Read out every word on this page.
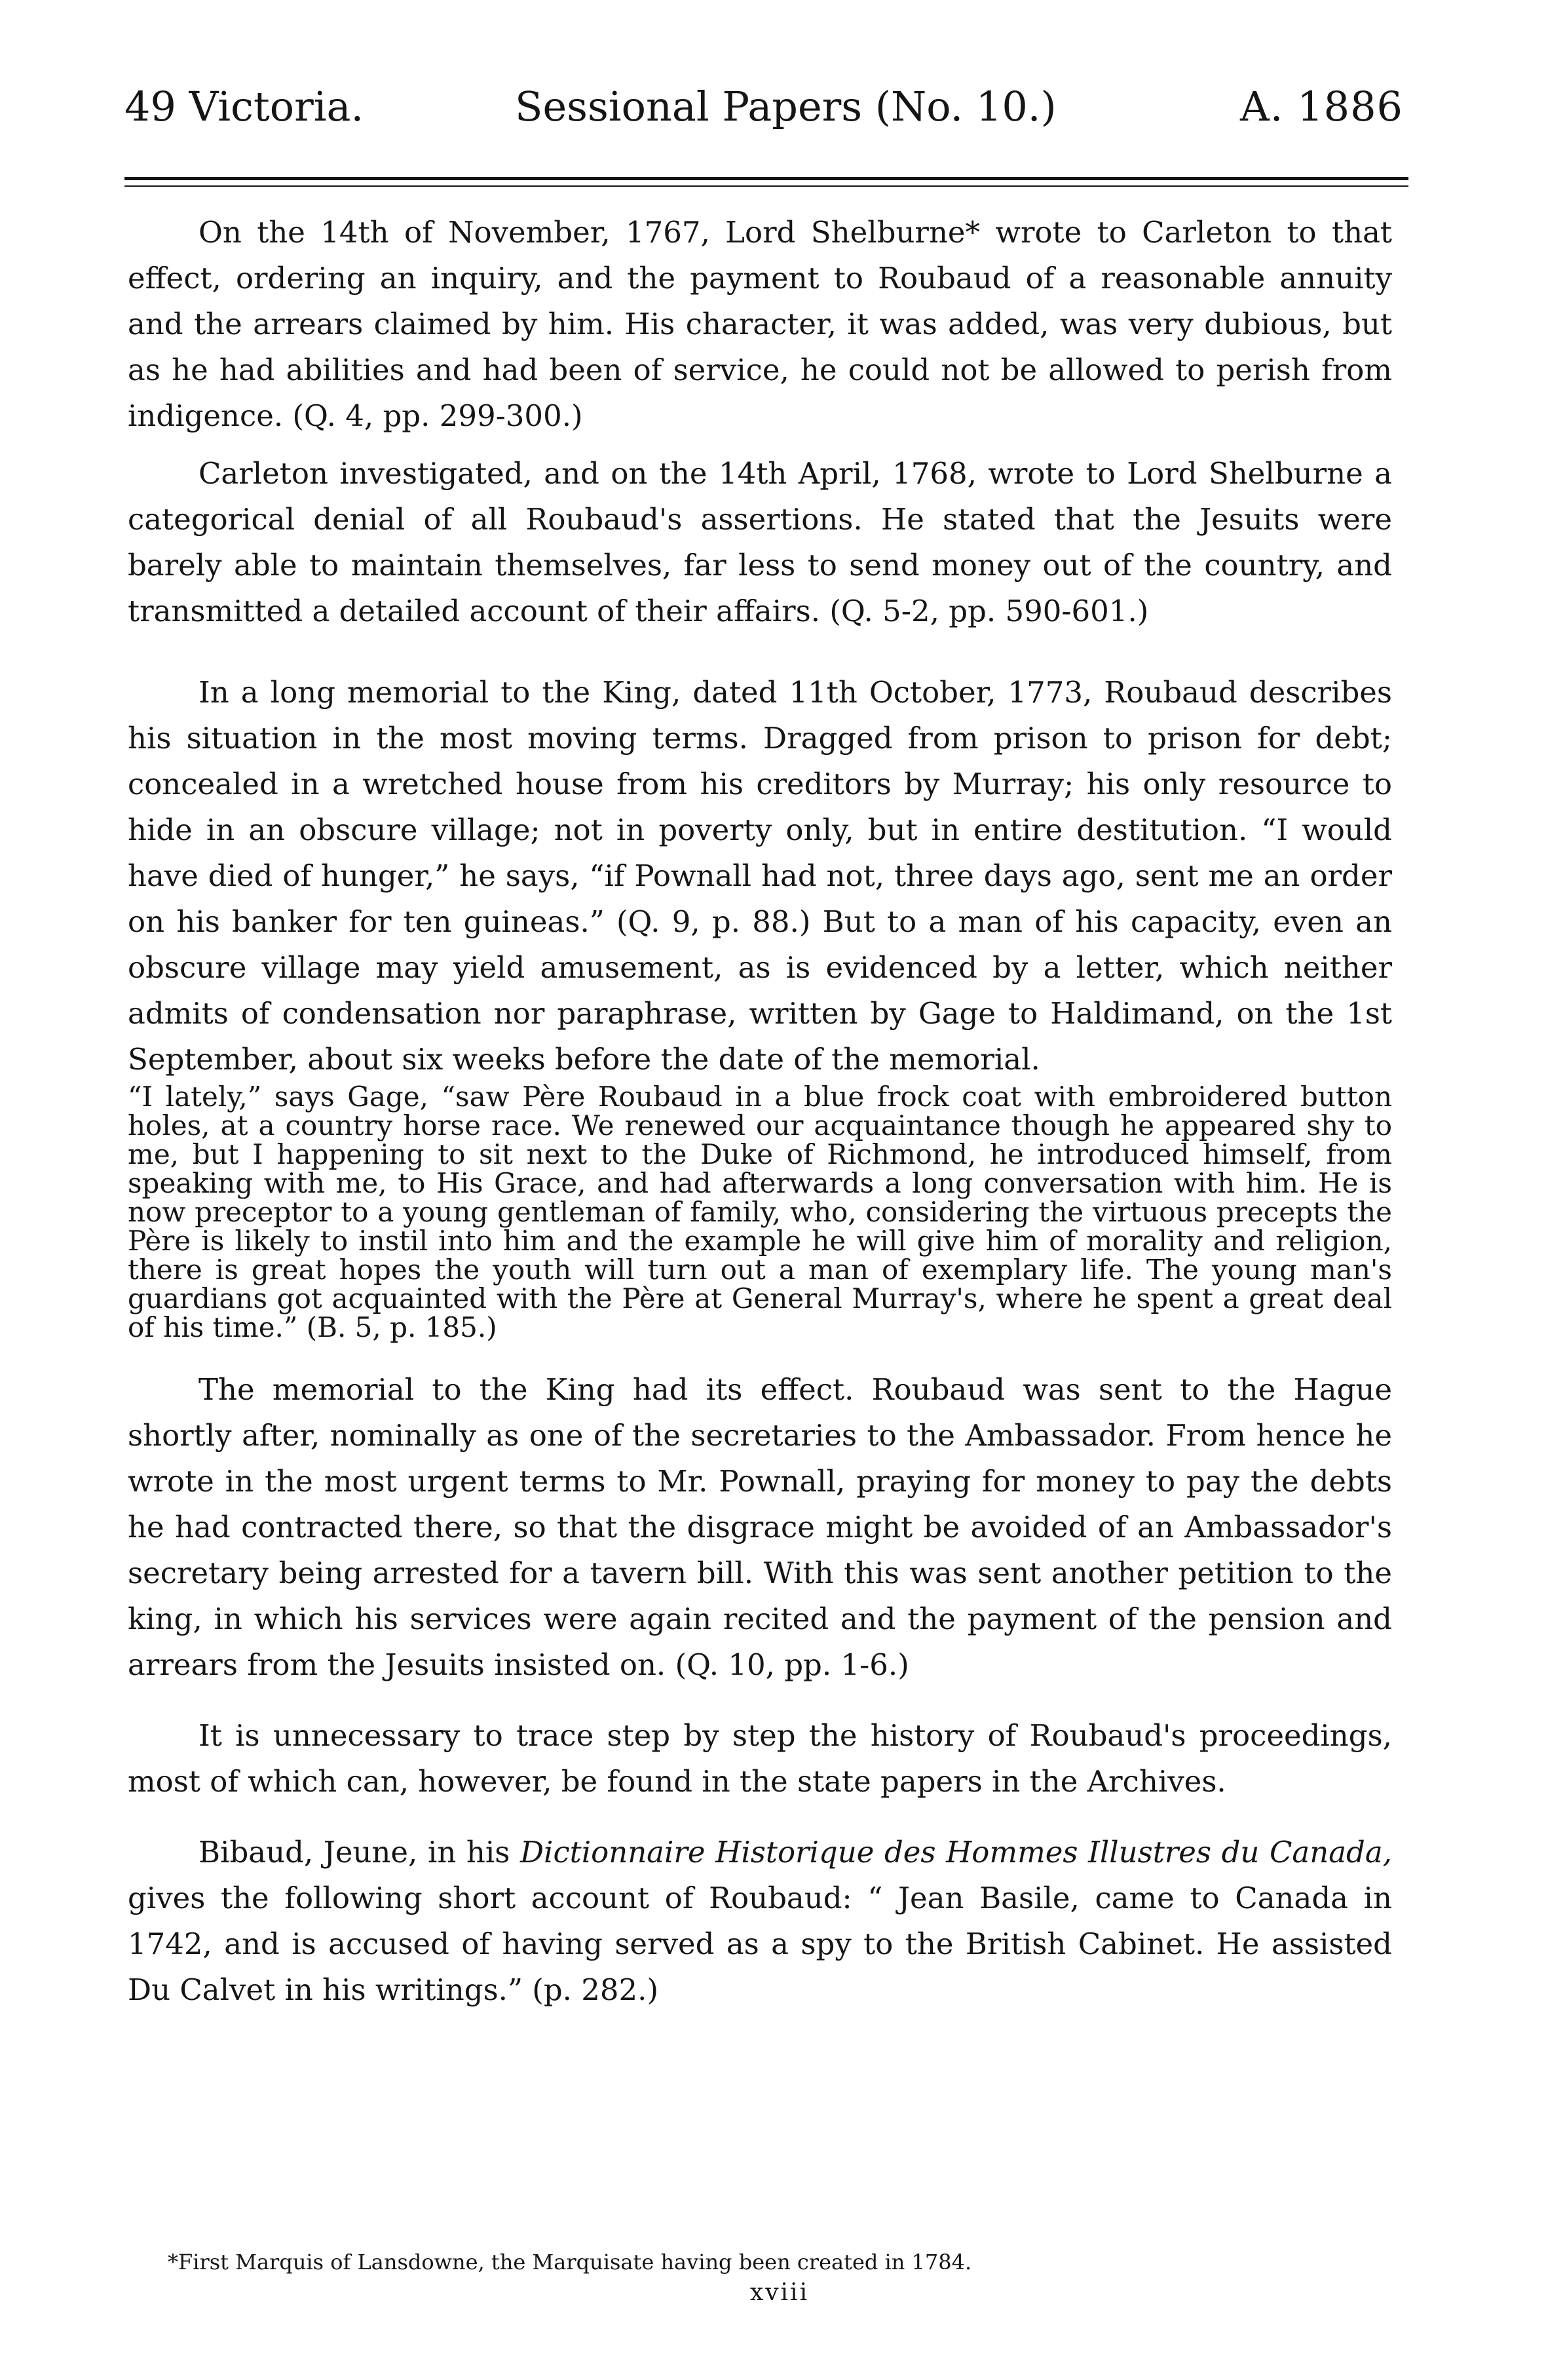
49 Victoria.	Sessional Papers (No. 10.)	A. 1886

On the 14th of November, 1767, Lord Shelburne* wrote to Carleton to that effect, ordering an inquiry, and the payment to Roubaud of a reasonable annuity and the arrears claimed by him. His character, it was added, was very dubious, but as he had abilities and had been of service, he could not be allowed to perish from indigence. (Q. 4, pp. 299-300.)

Carleton investigated, and on the 14th April, 1768, wrote to Lord Shelburne a categorical denial of all Roubaud's assertions. He stated that the Jesuits were barely able to maintain themselves, far less to send money out of the country, and transmitted a detailed account of their affairs. (Q. 5-2, pp. 590-601.)

In a long memorial to the King, dated 11th October, 1773, Roubaud describes his situation in the most moving terms. Dragged from prison to prison for debt; concealed in a wretched house from his creditors by Murray; his only resource to hide in an obscure village; not in poverty only, but in entire destitution. “I would have died of hunger,” he says, “if Pownall had not, three days ago, sent me an order on his banker for ten guineas.” (Q. 9, p. 88.) But to a man of his capacity, even an obscure village may yield amusement, as is evidenced by a letter, which neither admits of condensation nor paraphrase, written by Gage to Haldimand, on the 1st September, about six weeks before the date of the memorial.

“I lately,” says Gage, “saw Père Roubaud in a blue frock coat with embroidered button holes, at a country horse race. We renewed our acquaintance though he appeared shy to me, but I happening to sit next to the Duke of Richmond, he introduced himself, from speaking with me, to His Grace, and had afterwards a long conversation with him. He is now preceptor to a young gentleman of family, who, considering the virtuous precepts the Père is likely to instil into him and the example he will give him of morality and religion, there is great hopes the youth will turn out a man of exemplary life. The young man's guardians got acquainted with the Père at General Murray's, where he spent a great deal of his time.” (B. 5, p. 185.)

The memorial to the King had its effect. Roubaud was sent to the Hague shortly after, nominally as one of the secretaries to the Ambassador. From hence he wrote in the most urgent terms to Mr. Pownall, praying for money to pay the debts he had contracted there, so that the disgrace might be avoided of an Ambassador's secretary being arrested for a tavern bill. With this was sent another petition to the king, in which his services were again recited and the payment of the pension and arrears from the Jesuits insisted on. (Q. 10, pp. 1-6.)

It is unnecessary to trace step by step the history of Roubaud's proceedings, most of which can, however, be found in the state papers in the Archives.

Bibaud, Jeune, in his Dictionnaire Historique des Hommes Illustres du Canada, gives the following short account of Roubaud: “ Jean Basile, came to Canada in 1742, and is accused of having served as a spy to the British Cabinet. He assisted Du Calvet in his writings.” (p. 282.)

*First Marquis of Lansdowne, the Marquisate having been created in 1784.
xviii
